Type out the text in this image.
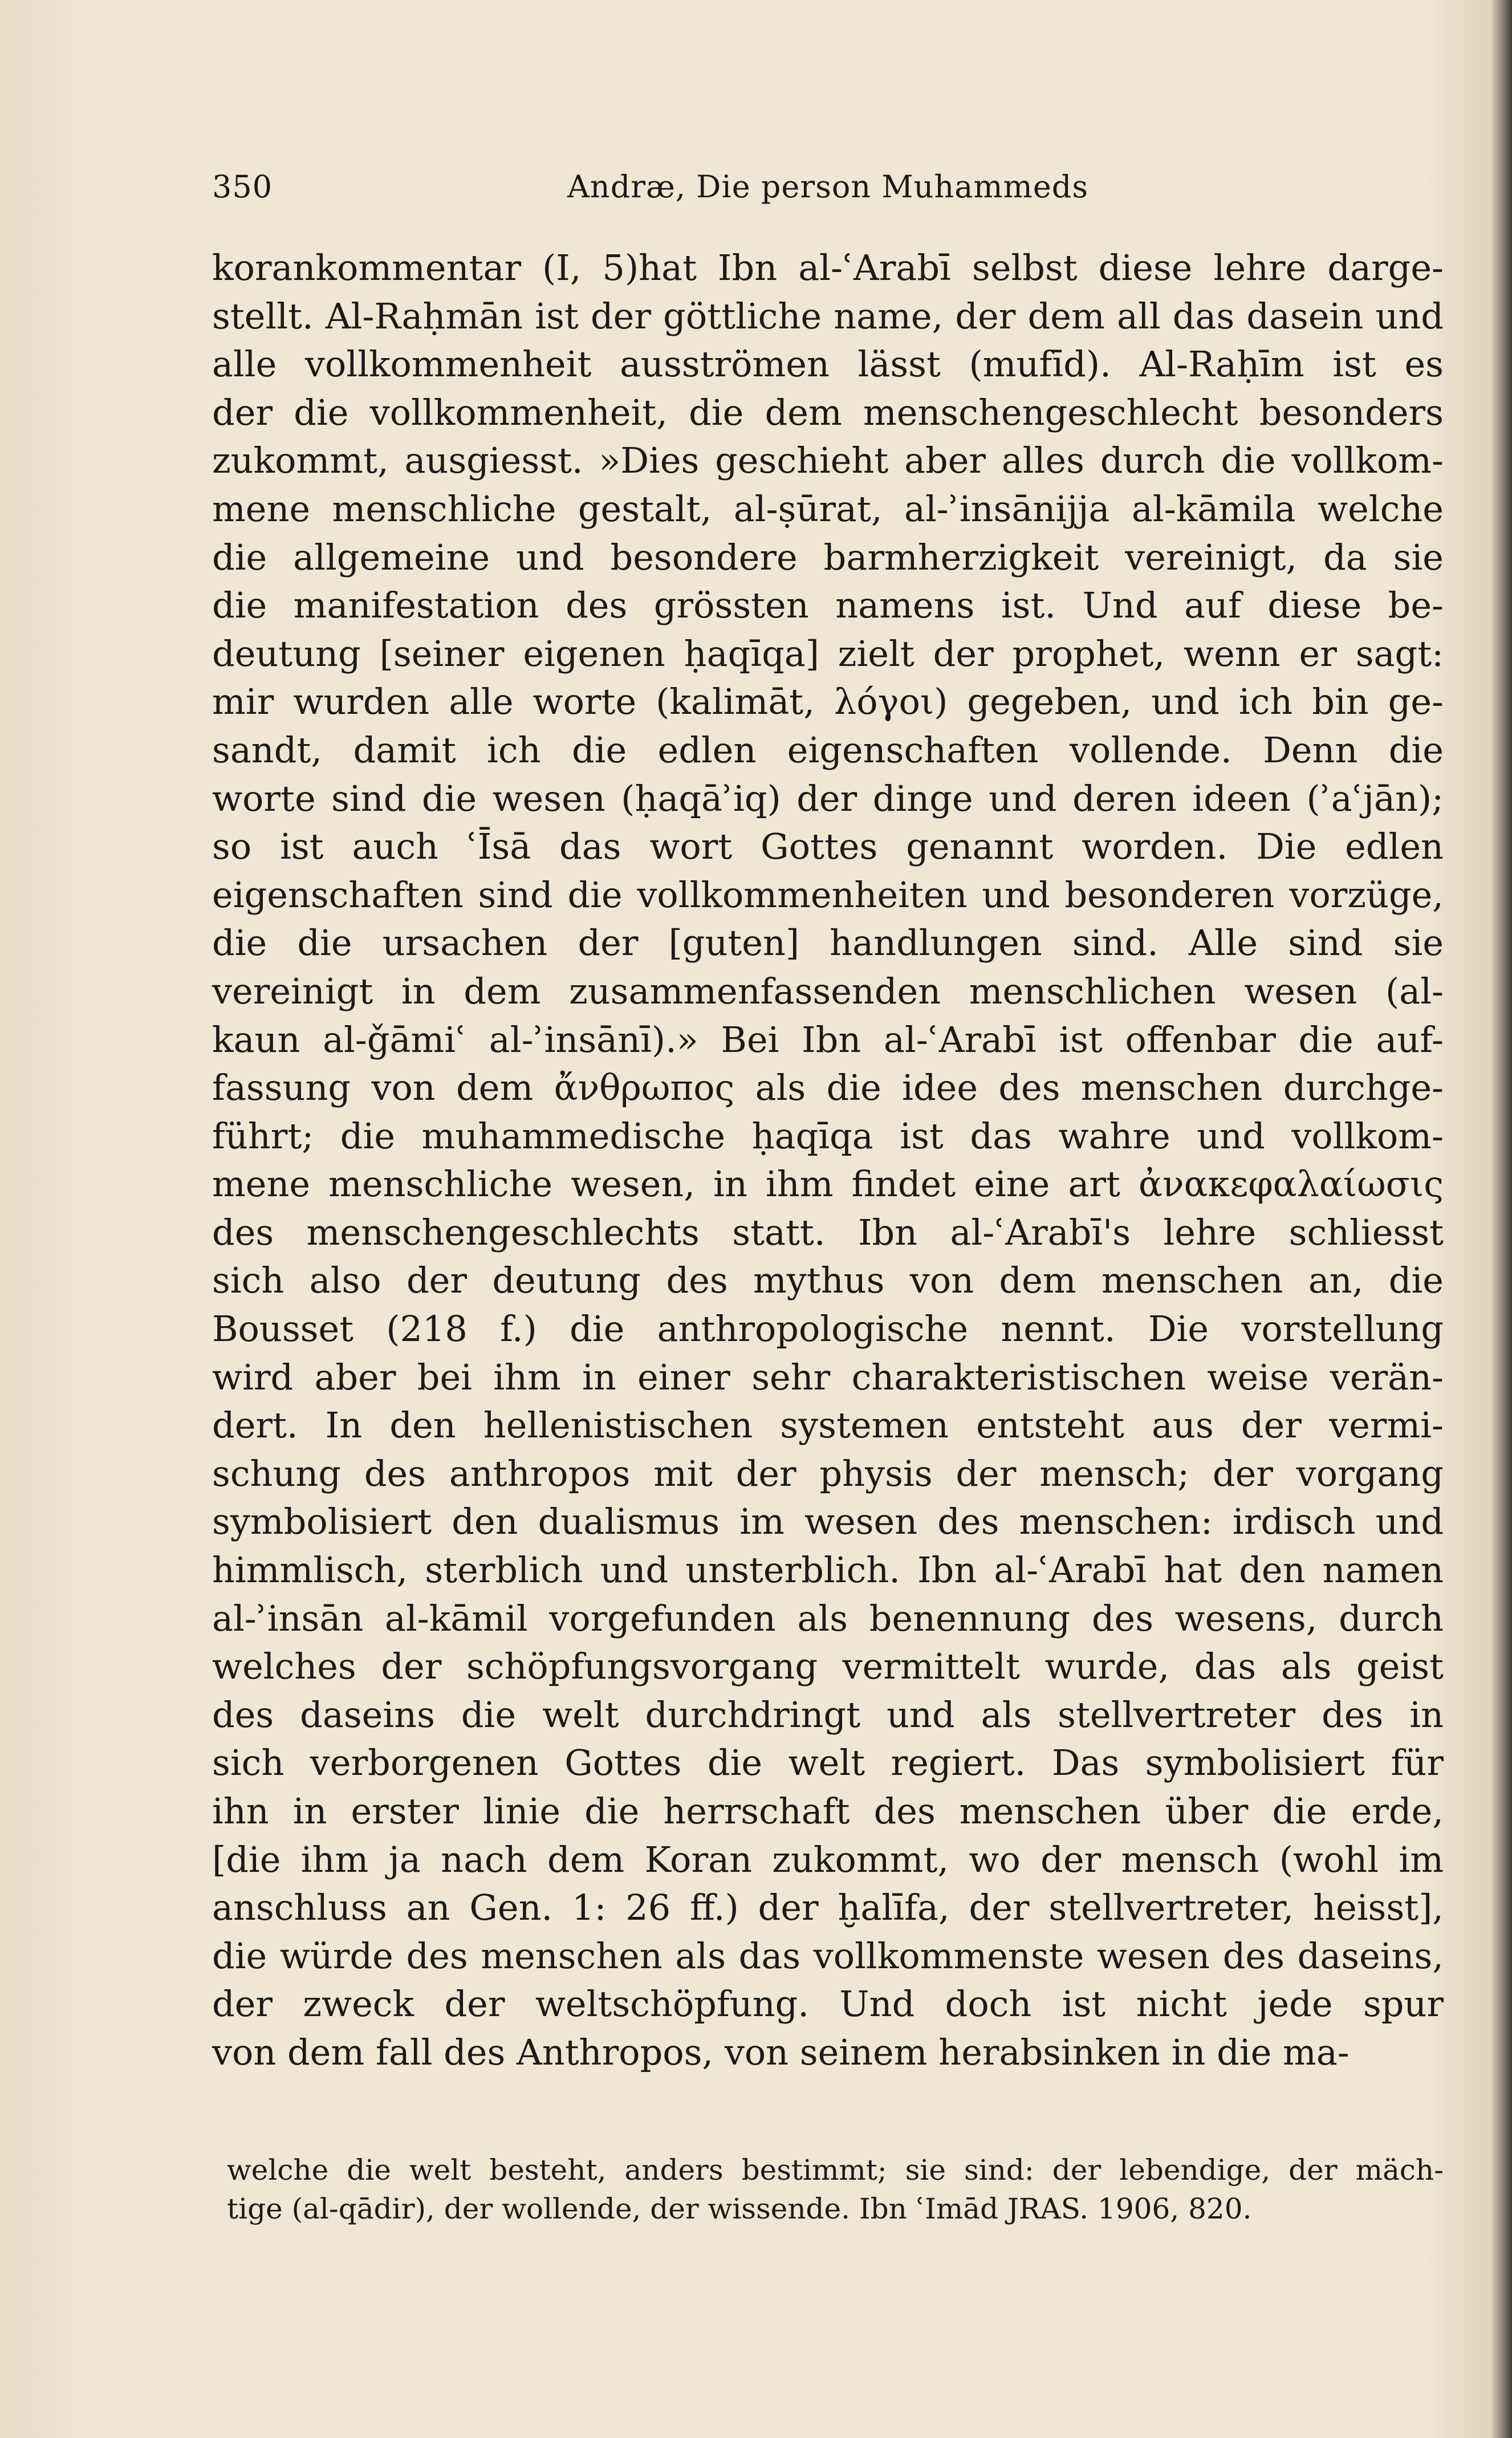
350	Andræ, Die person Muhammeds
korankommentar (I, 5)hat Ibn al-ʿArabī selbst diese lehre darge-
stellt. Al-Raḥmān ist der göttliche name, der dem all das dasein und
alle vollkommenheit ausströmen lässt (mufīd). Al-Raḥīm ist es
der die vollkommenheit, die dem menschengeschlecht besonders
zukommt, ausgiesst. »Dies geschieht aber alles durch die vollkom-
mene menschliche gestalt, al-ṣūrat, al-ʾinsānijja al-kāmila welche
die allgemeine und besondere barmherzigkeit vereinigt, da sie
die manifestation des grössten namens ist. Und auf diese be-
deutung [seiner eigenen ḥaqīqa] zielt der prophet, wenn er sagt:
mir wurden alle worte (kalimāt, λόγοι) gegeben, und ich bin ge-
sandt, damit ich die edlen eigenschaften vollende. Denn die
worte sind die wesen (ḥaqāʾiq) der dinge und deren ideen (ʾaʿjān);
so ist auch ʿĪsā das wort Gottes genannt worden. Die edlen
eigenschaften sind die vollkommenheiten und besonderen vorzüge,
die die ursachen der [guten] handlungen sind. Alle sind sie
vereinigt in dem zusammenfassenden menschlichen wesen (al-
kaun al-ǧāmiʿ al-ʾinsānī).» Bei Ibn al-ʿArabī ist offenbar die auf-
fassung von dem ἄνθρωπος als die idee des menschen durchge-
führt; die muhammedische ḥaqīqa ist das wahre und vollkom-
mene menschliche wesen, in ihm findet eine art ἀνακεφαλαίωσις
des menschengeschlechts statt. Ibn al-ʿArabī's lehre schliesst
sich also der deutung des mythus von dem menschen an, die
Bousset (218 f.) die anthropologische nennt. Die vorstellung
wird aber bei ihm in einer sehr charakteristischen weise verän-
dert. In den hellenistischen systemen entsteht aus der vermi-
schung des anthropos mit der physis der mensch; der vorgang
symbolisiert den dualismus im wesen des menschen: irdisch und
himmlisch, sterblich und unsterblich. Ibn al-ʿArabī hat den namen
al-ʾinsān al-kāmil vorgefunden als benennung des wesens, durch
welches der schöpfungsvorgang vermittelt wurde, das als geist
des daseins die welt durchdringt und als stellvertreter des in
sich verborgenen Gottes die welt regiert. Das symbolisiert für
ihn in erster linie die herrschaft des menschen über die erde,
[die ihm ja nach dem Koran zukommt, wo der mensch (wohl im
anschluss an Gen. 1: 26 ff.) der ḫalīfa, der stellvertreter, heisst],
die würde des menschen als das vollkommenste wesen des daseins,
der zweck der weltschöpfung. Und doch ist nicht jede spur
von dem fall des Anthropos, von seinem herabsinken in die ma-
welche die welt besteht, anders bestimmt; sie sind: der lebendige, der mäch-
tige (al-qādir), der wollende, der wissende. Ibn ʿImād JRAS. 1906, 820.
